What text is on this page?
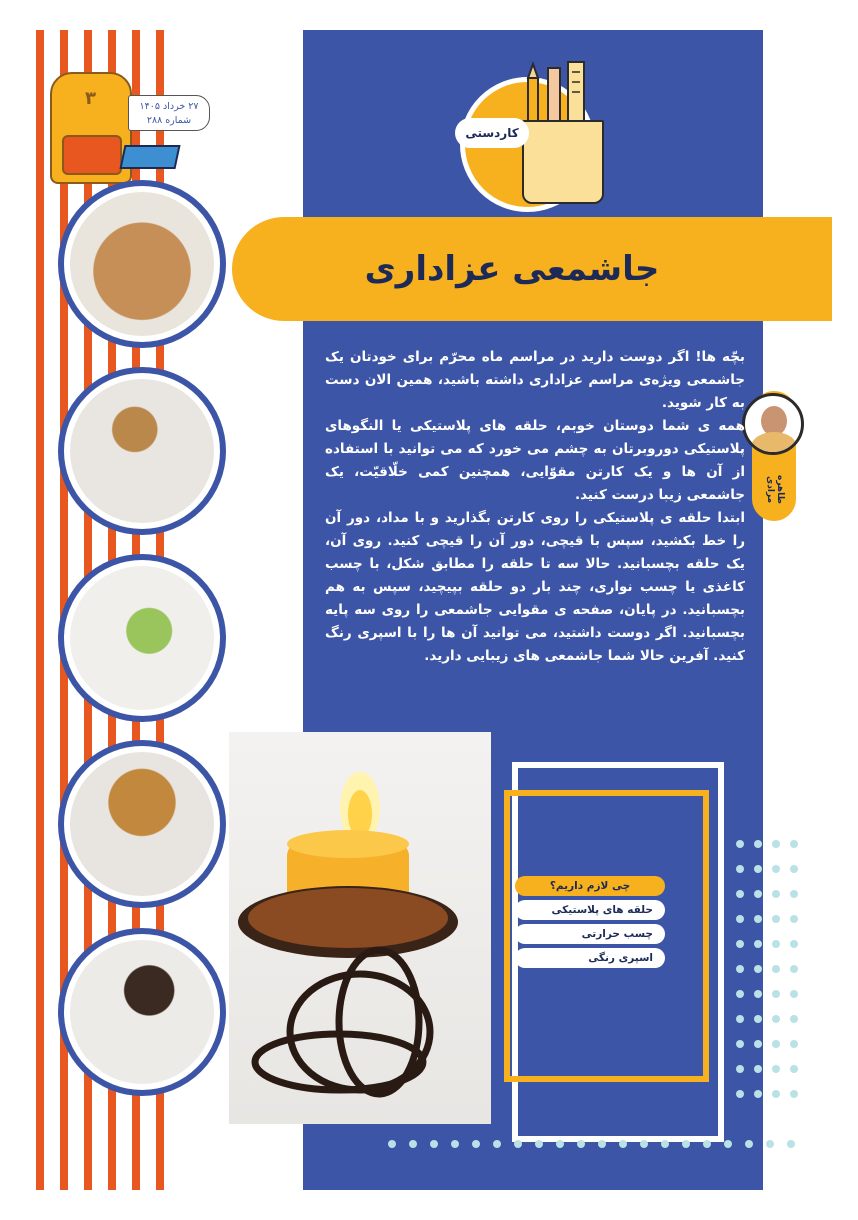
۳	۲۷ خرداد ۱۴۰۵
شماره ۲۸۸
کاردستی
جاشمعی عزاداری
طاهره مرادی

بچّه ها! اگر دوست دارید در مراسم ماه محرّم برای خودتان یک جاشمعی ویژه‌ی مراسم عزاداری داشته باشید، همین الان دست به کار شوید.

همه‌ ی شما دوستان خوبم، حلقه های پلاستیکی یا النگوهای پلاستیکی دوروبرتان به چشم می خورد که می توانید با استفاده از آن ها و یک کارتن مقوّایی، همچنین کمی خلّاقیّت، یک جاشمعی زیبا درست کنید.

ابتدا حلقه‌ ی پلاستیکی را روی کارتن بگذارید و با مداد، دور آن را خط بکشید، سپس با قیچی، دور آن را قیچی کنید. روی آن، یک حلقه بچسبانید. حالا سه تا حلقه را مطابق شکل، با چسب کاغذی یا چسب نواری، چند بار دو حلقه بپیچید، سپس به هم بچسبانید. در پایان، صفحه‌ ی مقوایی جاشمعی را روی سه پایه بچسبانید. اگر دوست داشتید، می توانید آن ها را با اسپری رنگ کنید. آفرین حالا شما جاشمعی های زیبایی دارید.

چی لازم داریم؟
حلقه های پلاستیکی
چسب حرارتی
اسپری رنگی
